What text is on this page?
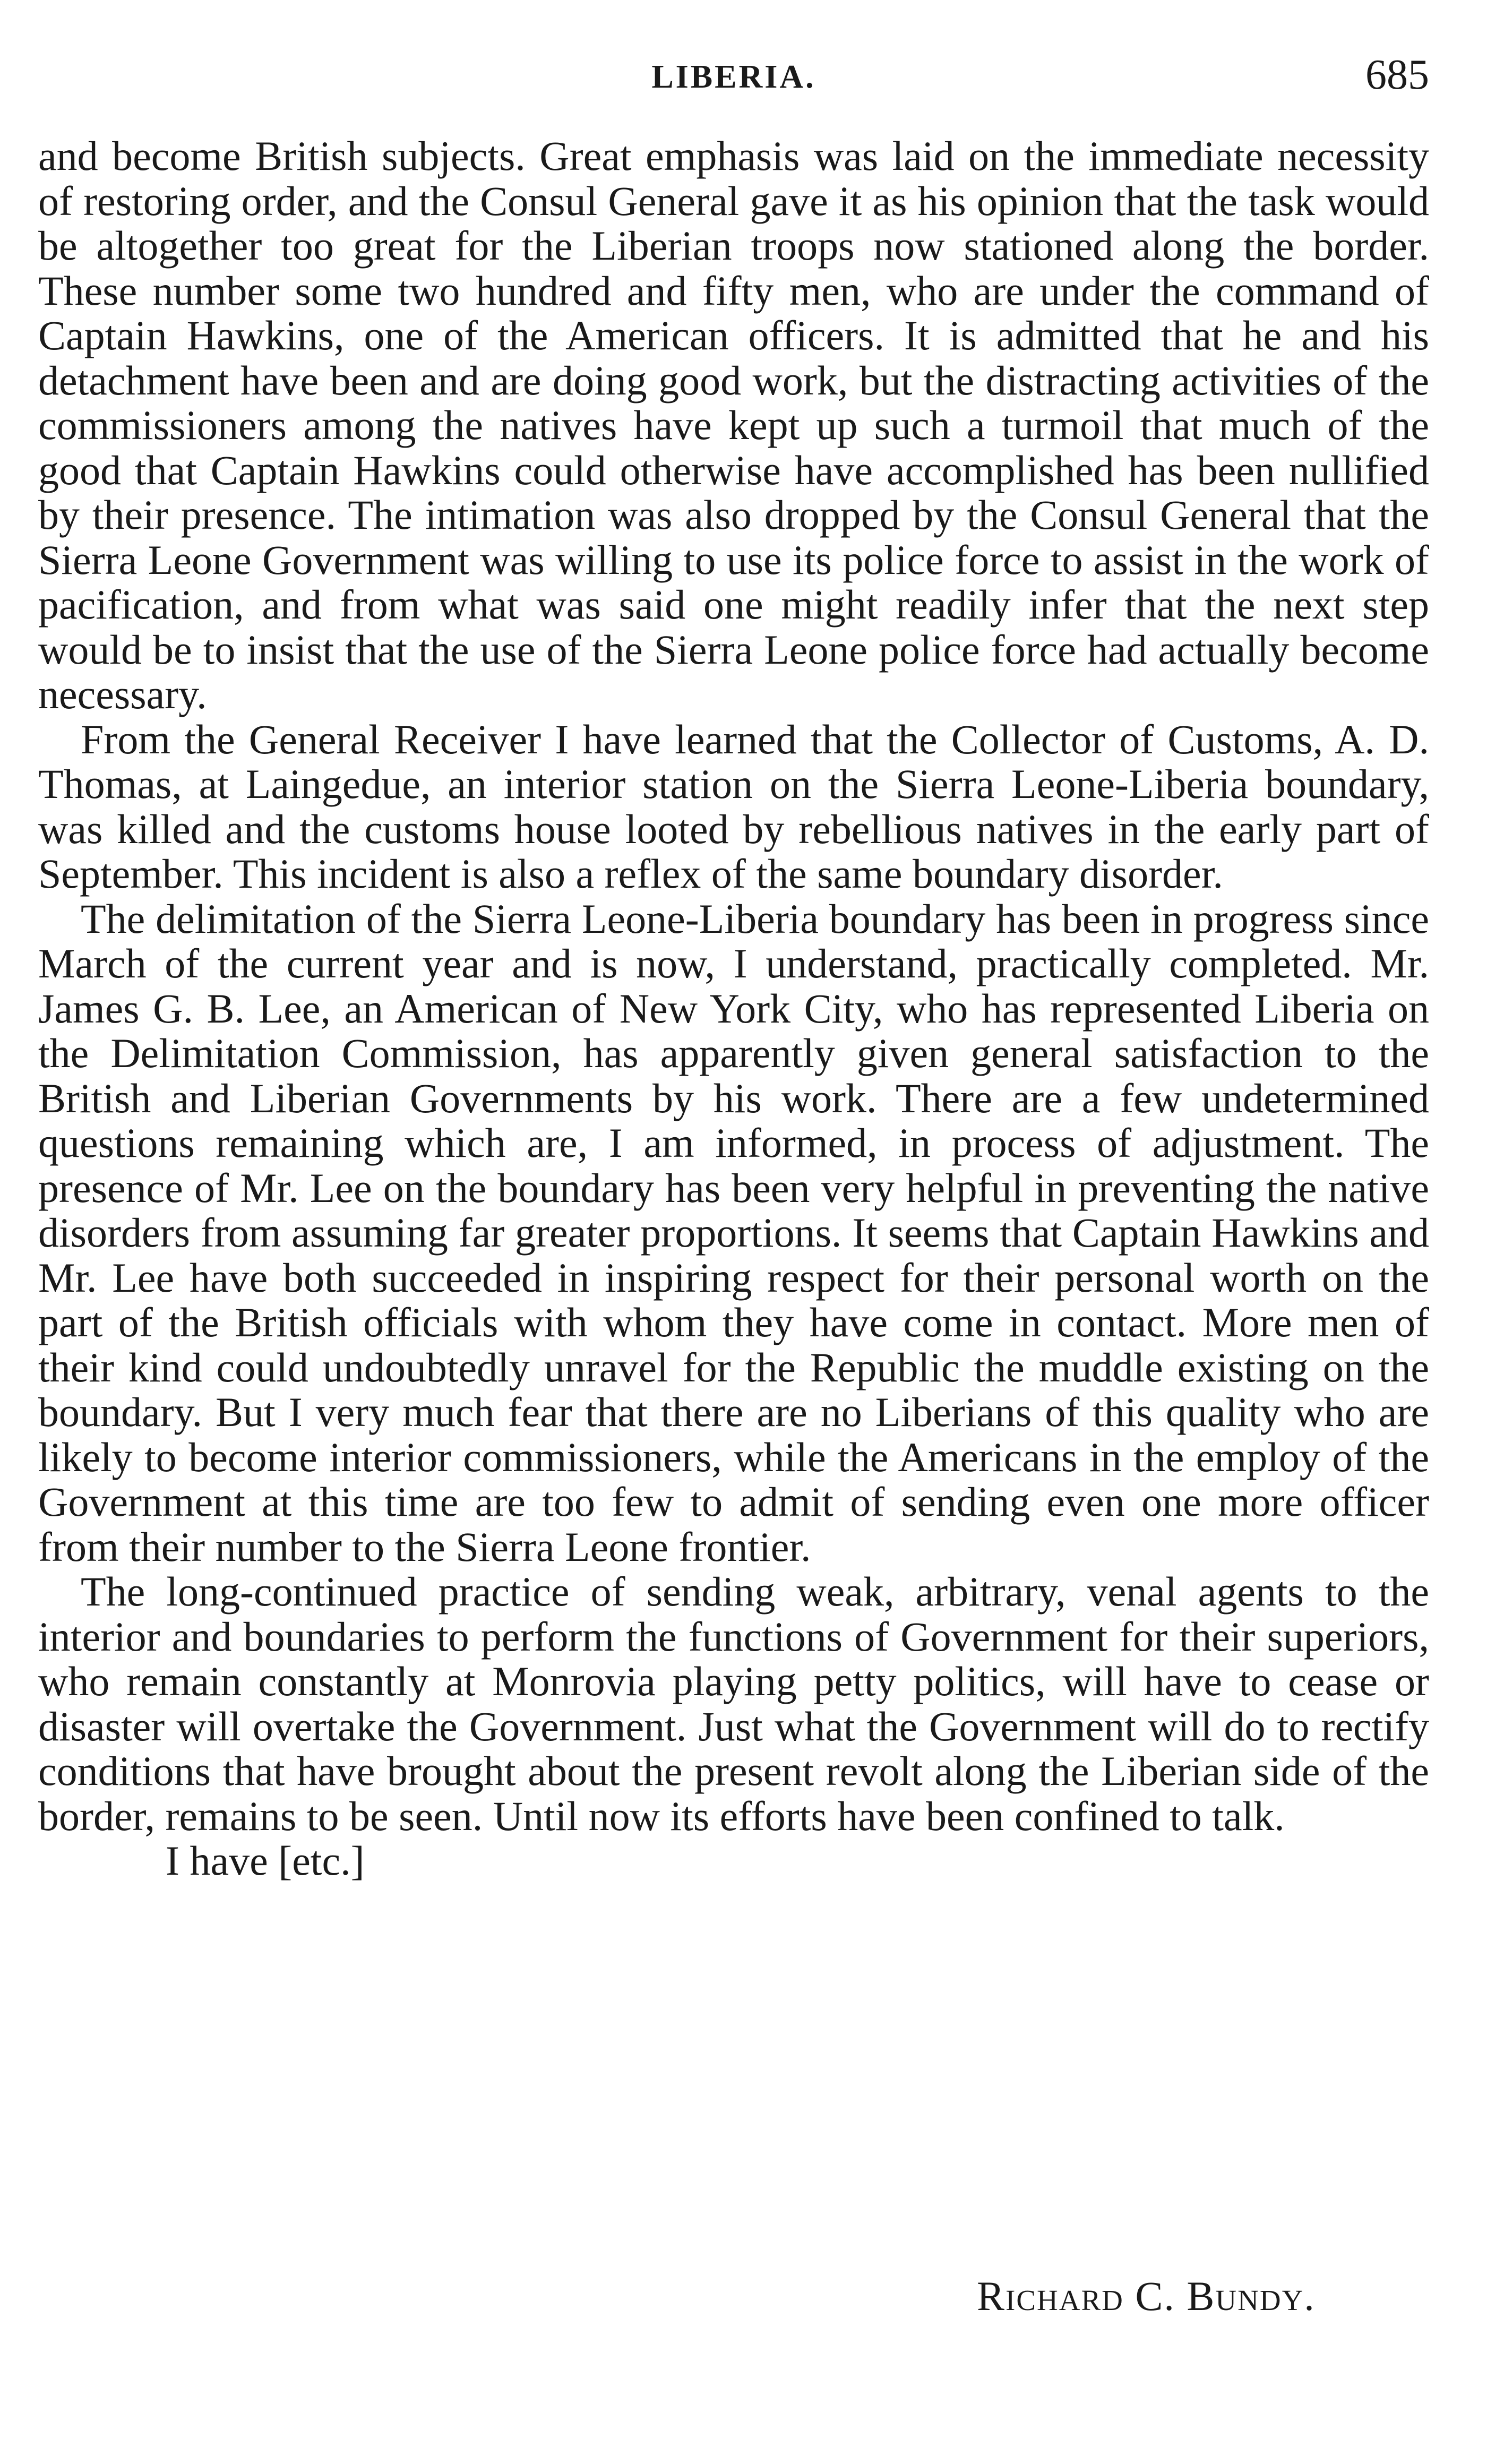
LIBERIA.	685

and become British subjects. Great emphasis was laid on the immediate necessity of restoring order, and the Consul General gave it as his opinion that the task would be altogether too great for the Liberian troops now stationed along the border. These number some two hundred and fifty men, who are under the command of Captain Hawkins, one of the American officers. It is admitted that he and his detachment have been and are doing good work, but the distracting activities of the commissioners among the natives have kept up such a turmoil that much of the good that Captain Hawkins could otherwise have accomplished has been nullified by their presence. The intimation was also dropped by the Consul General that the Sierra Leone Government was willing to use its police force to assist in the work of pacification, and from what was said one might readily infer that the next step would be to insist that the use of the Sierra Leone police force had actually become necessary.

From the General Receiver I have learned that the Collector of Customs, A. D. Thomas, at Laingedue, an interior station on the Sierra Leone-Liberia boundary, was killed and the customs house looted by rebellious natives in the early part of September. This incident is also a reflex of the same boundary disorder.

The delimitation of the Sierra Leone-Liberia boundary has been in progress since March of the current year and is now, I understand, practically completed. Mr. James G. B. Lee, an American of New York City, who has represented Liberia on the Delimitation Commission, has apparently given general satisfaction to the British and Liberian Governments by his work. There are a few undetermined questions remaining which are, I am informed, in process of adjustment. The presence of Mr. Lee on the boundary has been very helpful in preventing the native disorders from assuming far greater proportions. It seems that Captain Hawkins and Mr. Lee have both succeeded in inspiring respect for their personal worth on the part of the British officials with whom they have come in contact. More men of their kind could undoubtedly unravel for the Republic the muddle existing on the boundary. But I very much fear that there are no Liberians of this quality who are likely to become interior commissioners, while the Americans in the employ of the Government at this time are too few to admit of sending even one more officer from their number to the Sierra Leone frontier.

The long-continued practice of sending weak, arbitrary, venal agents to the interior and boundaries to perform the functions of Government for their superiors, who remain constantly at Monrovia playing petty politics, will have to cease or disaster will overtake the Government. Just what the Government will do to rectify conditions that have brought about the present revolt along the Liberian side of the border, remains to be seen. Until now its efforts have been confined to talk.

I have [etc.]

Richard C. Bundy.
